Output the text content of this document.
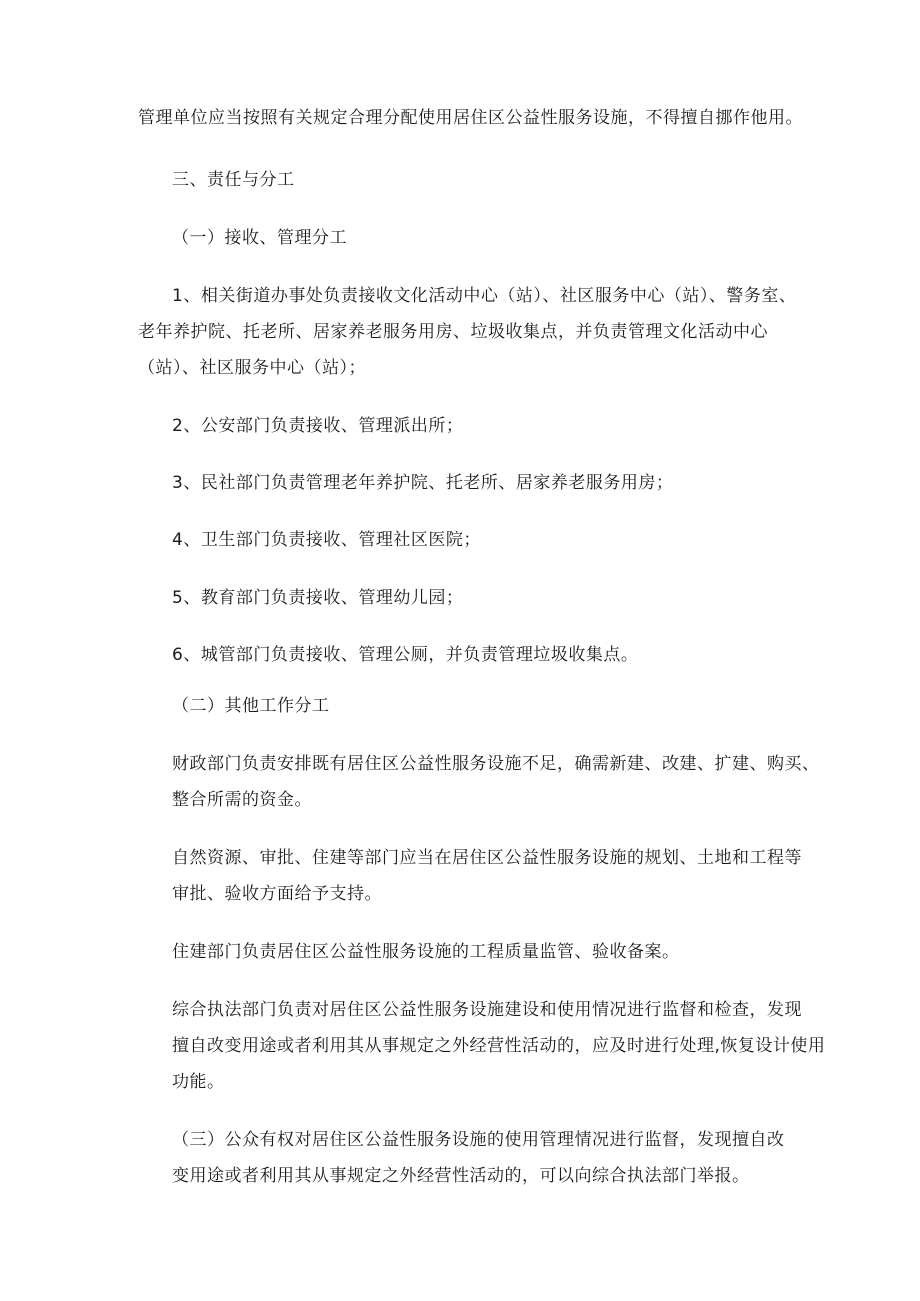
管理单位应当按照有关规定合理分配使用居住区公益性服务设施，不得擅自挪作他用。
三、责任与分工
（一）接收、管理分工
1、相关街道办事处负责接收文化活动中心（站）、社区服务中心（站）、警务室、
老年养护院、托老所、居家养老服务用房、垃圾收集点，并负责管理文化活动中心
（站）、社区服务中心（站）；
2、公安部门负责接收、管理派出所；
3、民社部门负责管理老年养护院、托老所、居家养老服务用房；
4、卫生部门负责接收、管理社区医院；
5、教育部门负责接收、管理幼儿园；
6、城管部门负责接收、管理公厕，并负责管理垃圾收集点。
（二）其他工作分工
财政部门负责安排既有居住区公益性服务设施不足，确需新建、改建、扩建、购买、
整合所需的资金。
自然资源、审批、住建等部门应当在居住区公益性服务设施的规划、土地和工程等
审批、验收方面给予支持。
住建部门负责居住区公益性服务设施的工程质量监管、验收备案。
综合执法部门负责对居住区公益性服务设施建设和使用情况进行监督和检查，发现
擅自改变用途或者利用其从事规定之外经营性活动的，应及时进行处理,恢复设计使用
功能。
（三）公众有权对居住区公益性服务设施的使用管理情况进行监督，发现擅自改
变用途或者利用其从事规定之外经营性活动的，可以向综合执法部门举报。
